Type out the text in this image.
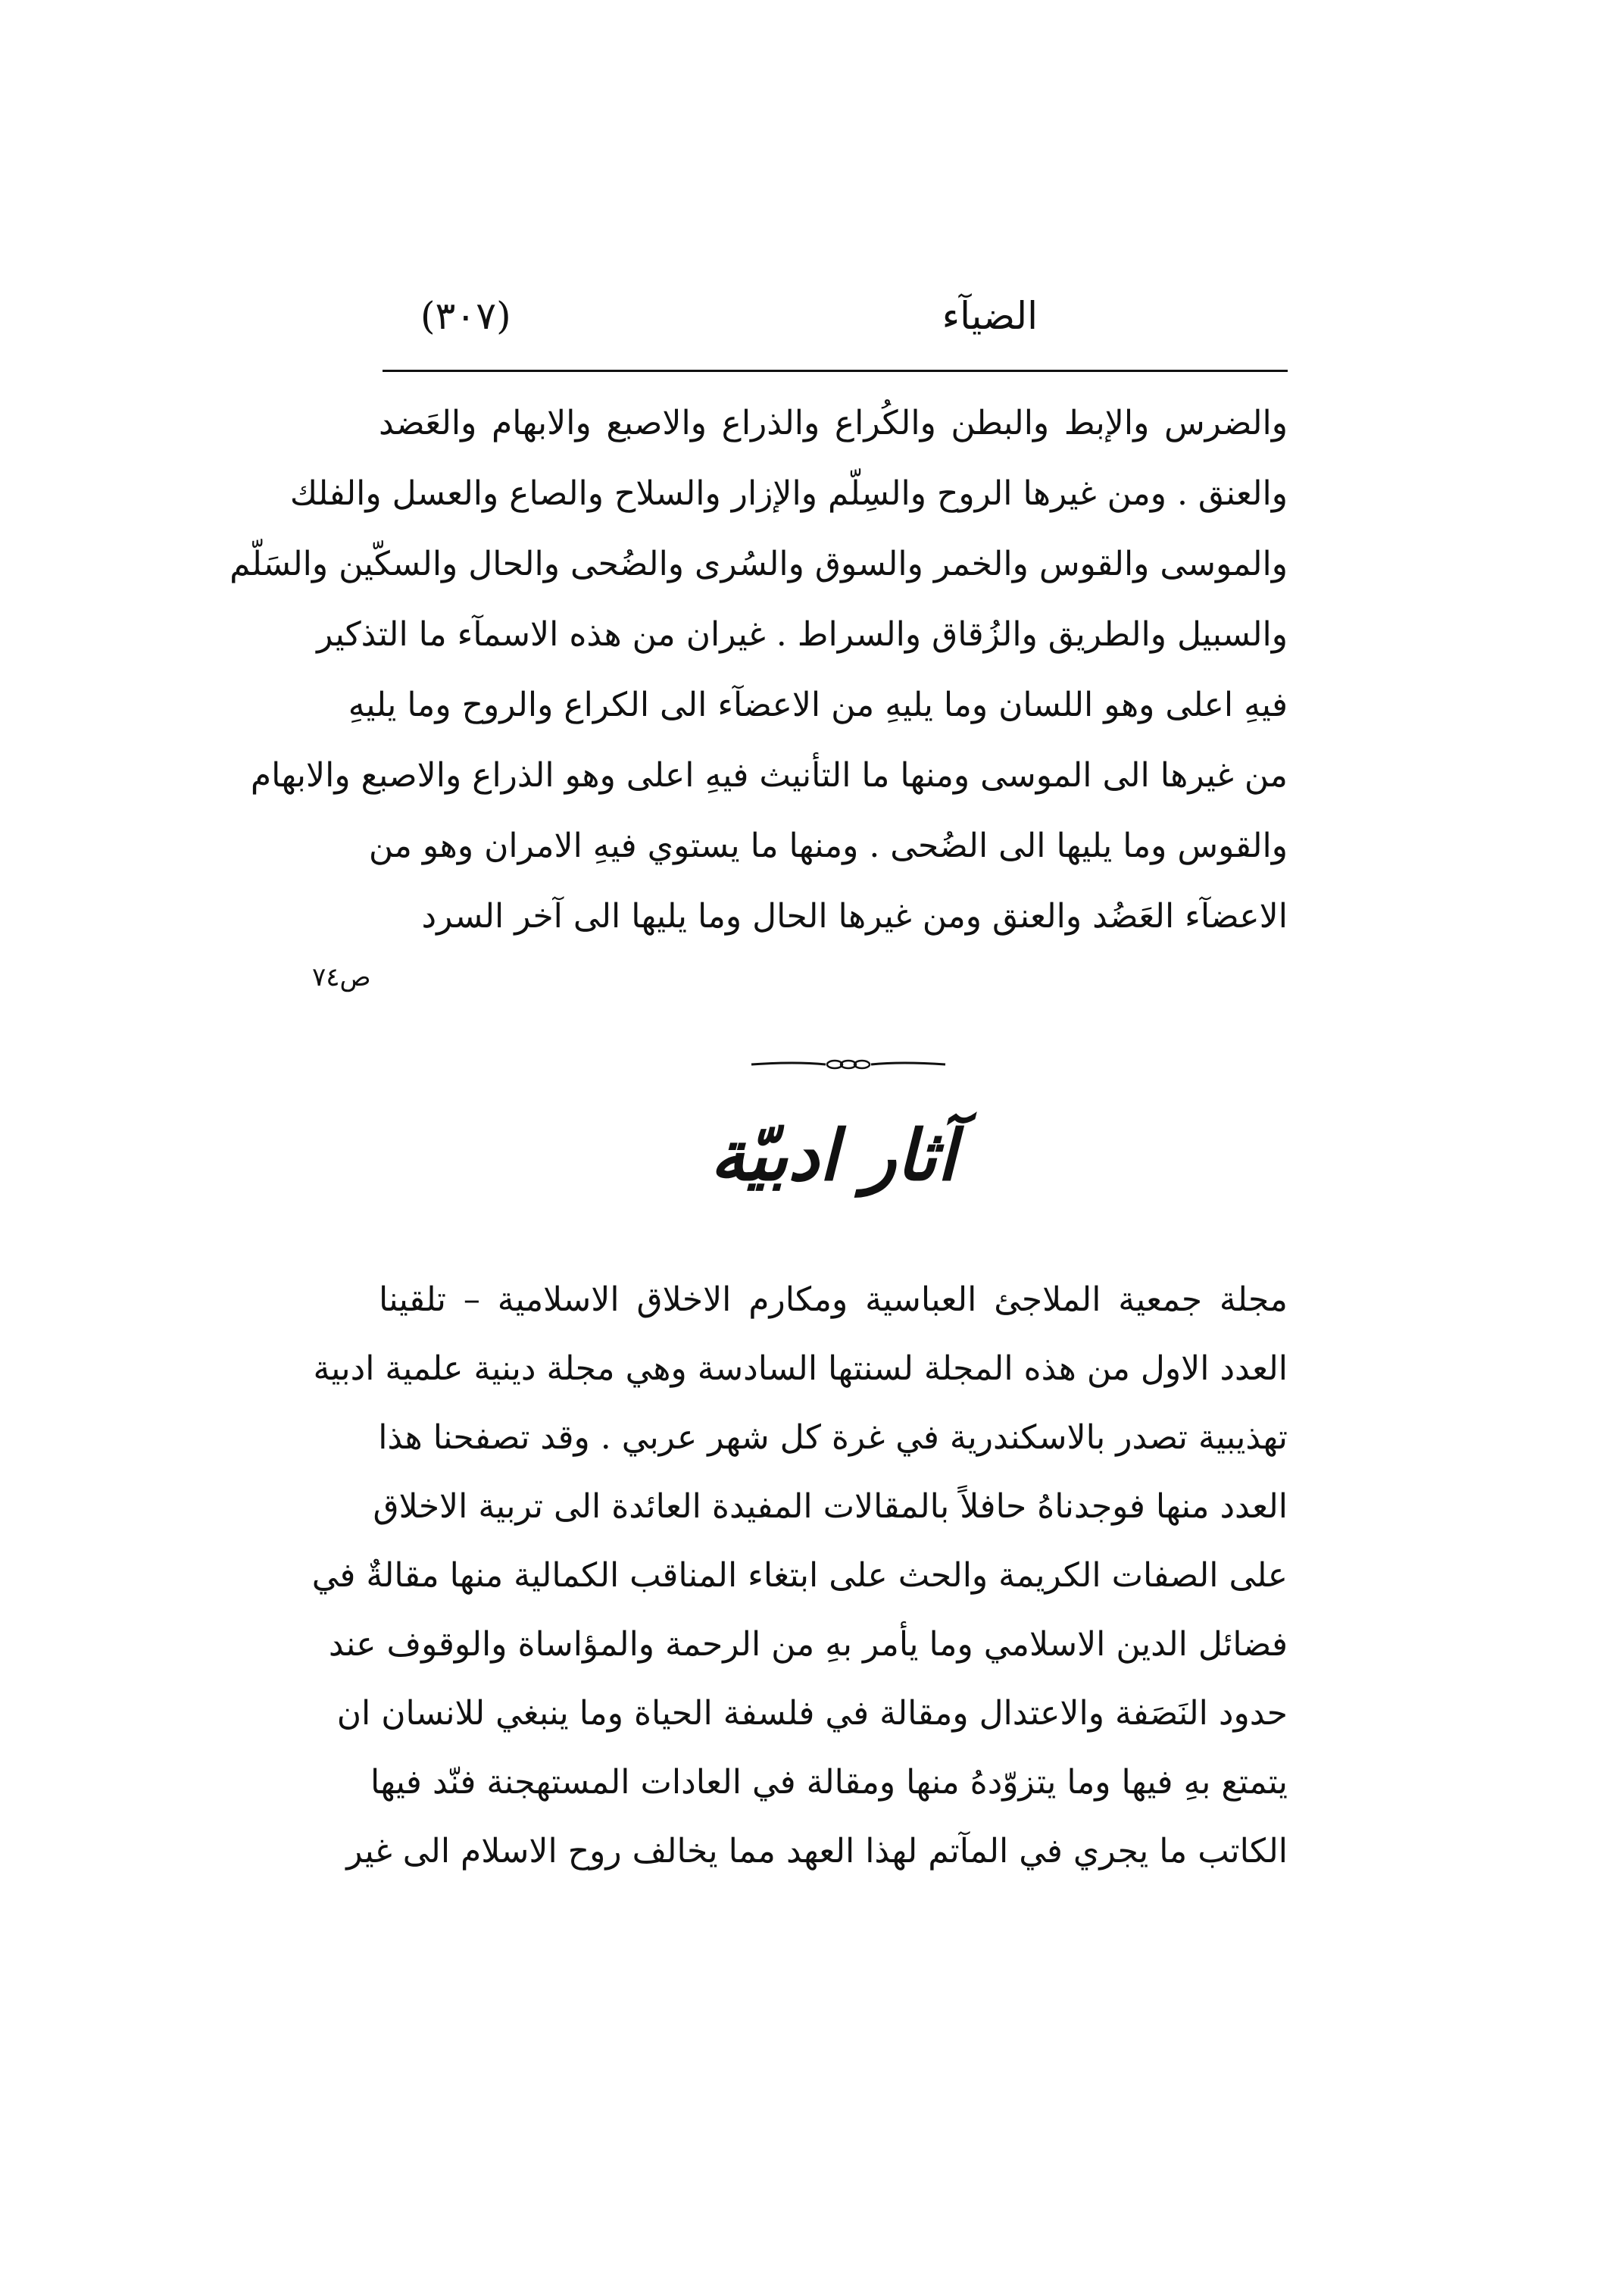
الضيآء
(٣٠٧)
والضرس والإبط والبطن والكُراع والذراع والاصبع والابهام والعَضد
والعنق . ومن غيرها الروح والسِلّم والإزار والسلاح والصاع والعسل والفلك
والموسى والقوس والخمر والسوق والسُرى والضُحى والحال والسكّين والسَلّم
والسبيل والطريق والزُقاق والسراط . غيران من هذه الاسمآء ما التذكير
فيهِ اعلى وهو اللسان وما يليهِ من الاعضآء الى الكراع والروح وما يليهِ
من غيرها الى الموسى ومنها ما التأنيث فيهِ اعلى وهو الذراع والاصبع والابهام
والقوس وما يليها الى الضُحى . ومنها ما يستوي فيهِ الامران وهو من
الاعضآء العَضُد والعنق ومن غيرها الحال وما يليها الى آخر السرد
ص٧٤
آثار ادبيّة
مجلة جمعية الملاجئ العباسية ومكارم الاخلاق الاسلامية – تلقينا
العدد الاول من هذه المجلة لسنتها السادسة وهي مجلة دينية علمية ادبية
تهذيبية تصدر بالاسكندرية في غرة كل شهر عربي . وقد تصفحنا هذا
العدد منها فوجدناهُ حافلاً بالمقالات المفيدة العائدة الى تربية الاخلاق
على الصفات الكريمة والحث على ابتغاء المناقب الكمالية منها مقالةٌ في
فضائل الدين الاسلامي وما يأمر بهِ من الرحمة والمؤاساة والوقوف عند
حدود النَصَفة والاعتدال ومقالة في فلسفة الحياة وما ينبغي للانسان ان
يتمتع بهِ فيها وما يتزوّدهُ منها ومقالة في العادات المستهجنة فنّد فيها
الكاتب ما يجري في المآتم لهذا العهد مما يخالف روح الاسلام الى غير
